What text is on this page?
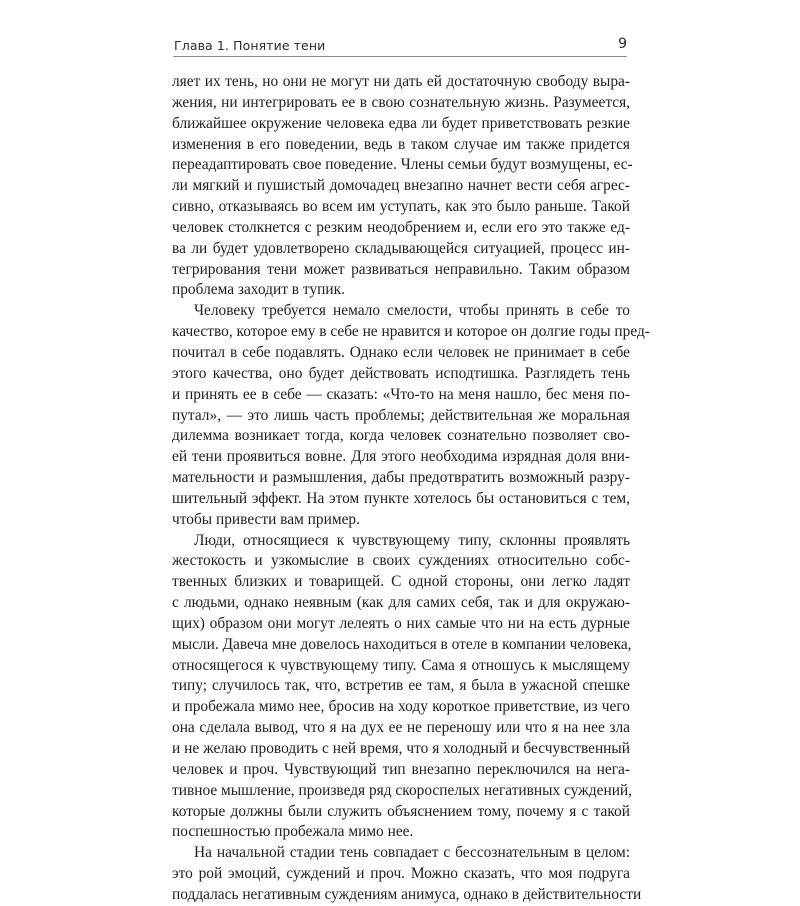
Глава 1. Понятие тени	9
ляет их тень, но они не могут ни дать ей достаточную свободу выра-
жения, ни интегрировать ее в свою сознательную жизнь. Разумеется,
ближайшее окружение человека едва ли будет приветствовать резкие
изменения в его поведении, ведь в таком случае им также придется
переадаптировать свое поведение. Члены семьи будут возмущены, ес-
ли мягкий и пушистый домочадец внезапно начнет вести себя агрес-
сивно, отказываясь во всем им уступать, как это было раньше. Такой
человек столкнется с резким неодобрением и, если его это также ед-
ва ли будет удовлетворено складывающейся ситуацией, процесс ин-
тегрирования тени может развиваться неправильно. Таким образом
проблема заходит в тупик.
Человеку требуется немало смелости, чтобы принять в себе то
качество, которое ему в себе не нравится и которое он долгие годы пред-
почитал в себе подавлять. Однако если человек не принимает в себе
этого качества, оно будет действовать исподтишка. Разглядеть тень
и принять ее в себе — сказать: «Что-то на меня нашло, бес меня по-
путал», — это лишь часть проблемы; действительная же моральная
дилемма возникает тогда, когда человек сознательно позволяет сво-
ей тени проявиться вовне. Для этого необходима изрядная доля вни-
мательности и размышления, дабы предотвратить возможный разру-
шительный эффект. На этом пункте хотелось бы остановиться с тем,
чтобы привести вам пример.
Люди, относящиеся к чувствующему типу, склонны проявлять
жестокость и узкомыслие в своих суждениях относительно собс-
твенных близких и товарищей. С одной стороны, они легко ладят
с людьми, однако неявным (как для самих себя, так и для окружаю-
щих) образом они могут лелеять о них самые что ни на есть дурные
мысли. Давеча мне довелось находиться в отеле в компании человека,
относящегося к чувствующему типу. Сама я отношусь к мыслящему
типу; случилось так, что, встретив ее там, я была в ужасной спешке
и пробежала мимо нее, бросив на ходу короткое приветствие, из чего
она сделала вывод, что я на дух ее не переношу или что я на нее зла
и не желаю проводить с ней время, что я холодный и бесчувственный
человек и проч. Чувствующий тип внезапно переключился на нега-
тивное мышление, произведя ряд скороспелых негативных суждений,
которые должны были служить объяснением тому, почему я с такой
поспешностью пробежала мимо нее.
На начальной стадии тень совпадает с бессознательным в целом:
это рой эмоций, суждений и проч. Можно сказать, что моя подруга
поддалась негативным суждениям анимуса, однако в действительности
